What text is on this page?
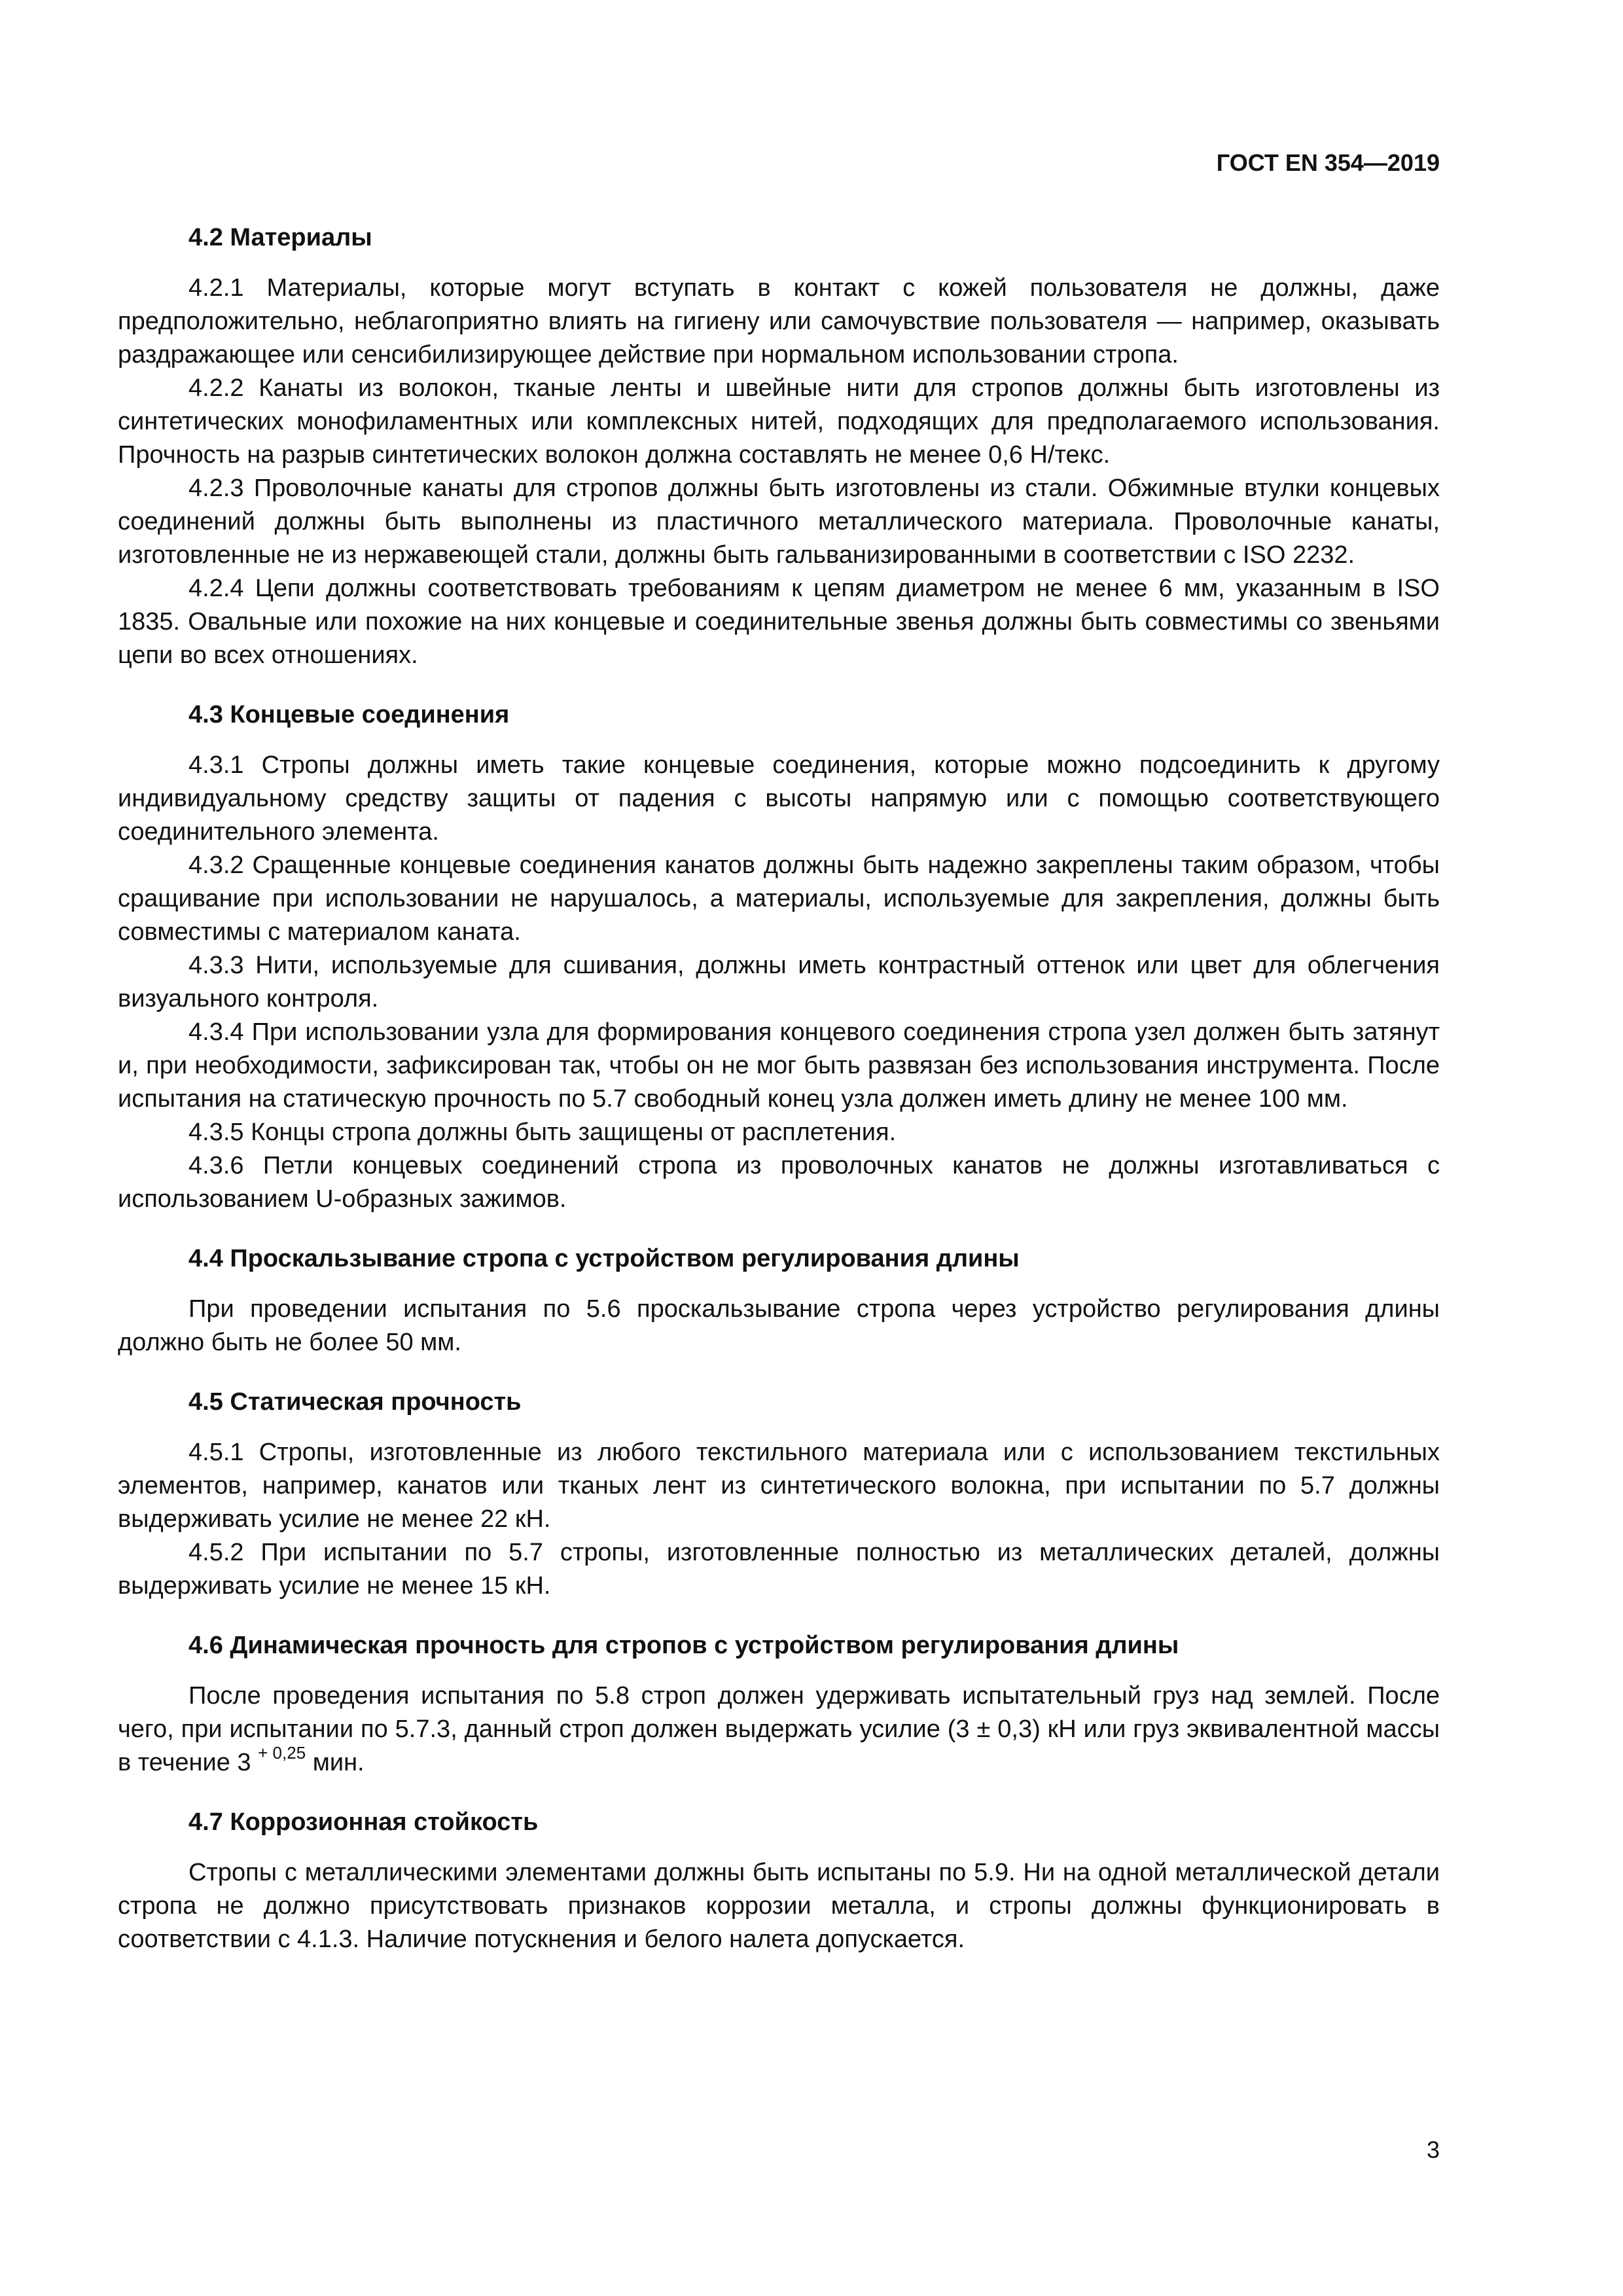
ГОСТ EN 354—2019
4.2 Материалы

4.2.1 Материалы, которые могут вступать в контакт с кожей пользователя не должны, даже предположительно, неблагоприятно влиять на гигиену или самочувствие пользователя — например, оказывать раздражающее или сенсибилизирующее действие при нормальном использовании стропа.

4.2.2 Канаты из волокон, тканые ленты и швейные нити для стропов должны быть изготовлены из синтетических монофиламентных или комплексных нитей, подходящих для предполагаемого использования. Прочность на разрыв синтетических волокон должна составлять не менее 0,6 Н/текс.

4.2.3 Проволочные канаты для стропов должны быть изготовлены из стали. Обжимные втулки концевых соединений должны быть выполнены из пластичного металлического материала. Проволочные канаты, изготовленные не из нержавеющей стали, должны быть гальванизированными в соответствии с ISO 2232.

4.2.4 Цепи должны соответствовать требованиям к цепям диаметром не менее 6 мм, указанным в ISO 1835. Овальные или похожие на них концевые и соединительные звенья должны быть совместимы со звеньями цепи во всех отношениях.

4.3 Концевые соединения

4.3.1 Стропы должны иметь такие концевые соединения, которые можно подсоединить к другому индивидуальному средству защиты от падения с высоты напрямую или с помощью соответствующего соединительного элемента.

4.3.2 Сращенные концевые соединения канатов должны быть надежно закреплены таким образом, чтобы сращивание при использовании не нарушалось, а материалы, используемые для закрепления, должны быть совместимы с материалом каната.

4.3.3 Нити, используемые для сшивания, должны иметь контрастный оттенок или цвет для облегчения визуального контроля.

4.3.4 При использовании узла для формирования концевого соединения стропа узел должен быть затянут и, при необходимости, зафиксирован так, чтобы он не мог быть развязан без использования инструмента. После испытания на статическую прочность по 5.7 свободный конец узла должен иметь длину не менее 100 мм.

4.3.5 Концы стропа должны быть защищены от расплетения.

4.3.6 Петли концевых соединений стропа из проволочных канатов не должны изготавливаться с использованием U-образных зажимов.

4.4 Проскальзывание стропа с устройством регулирования длины

При проведении испытания по 5.6 проскальзывание стропа через устройство регулирования длины должно быть не более 50 мм.

4.5 Статическая прочность

4.5.1 Стропы, изготовленные из любого текстильного материала или с использованием текстильных элементов, например, канатов или тканых лент из синтетического волокна, при испытании по 5.7 должны выдерживать усилие не менее 22 кН.

4.5.2 При испытании по 5.7 стропы, изготовленные полностью из металлических деталей, должны выдерживать усилие не менее 15 кН.

4.6 Динамическая прочность для стропов с устройством регулирования длины

После проведения испытания по 5.8 строп должен удерживать испытательный груз над землей. После чего, при испытании по 5.7.3, данный строп должен выдержать усилие (3 ± 0,3) кН или груз эквивалентной массы в течение 3 $^{+ 0,25}$ мин.

4.7 Коррозионная стойкость

Стропы с металлическими элементами должны быть испытаны по 5.9. Ни на одной металлической детали стропа не должно присутствовать признаков коррозии металла, и стропы должны функционировать в соответствии с 4.1.3. Наличие потускнения и белого налета допускается.

3
